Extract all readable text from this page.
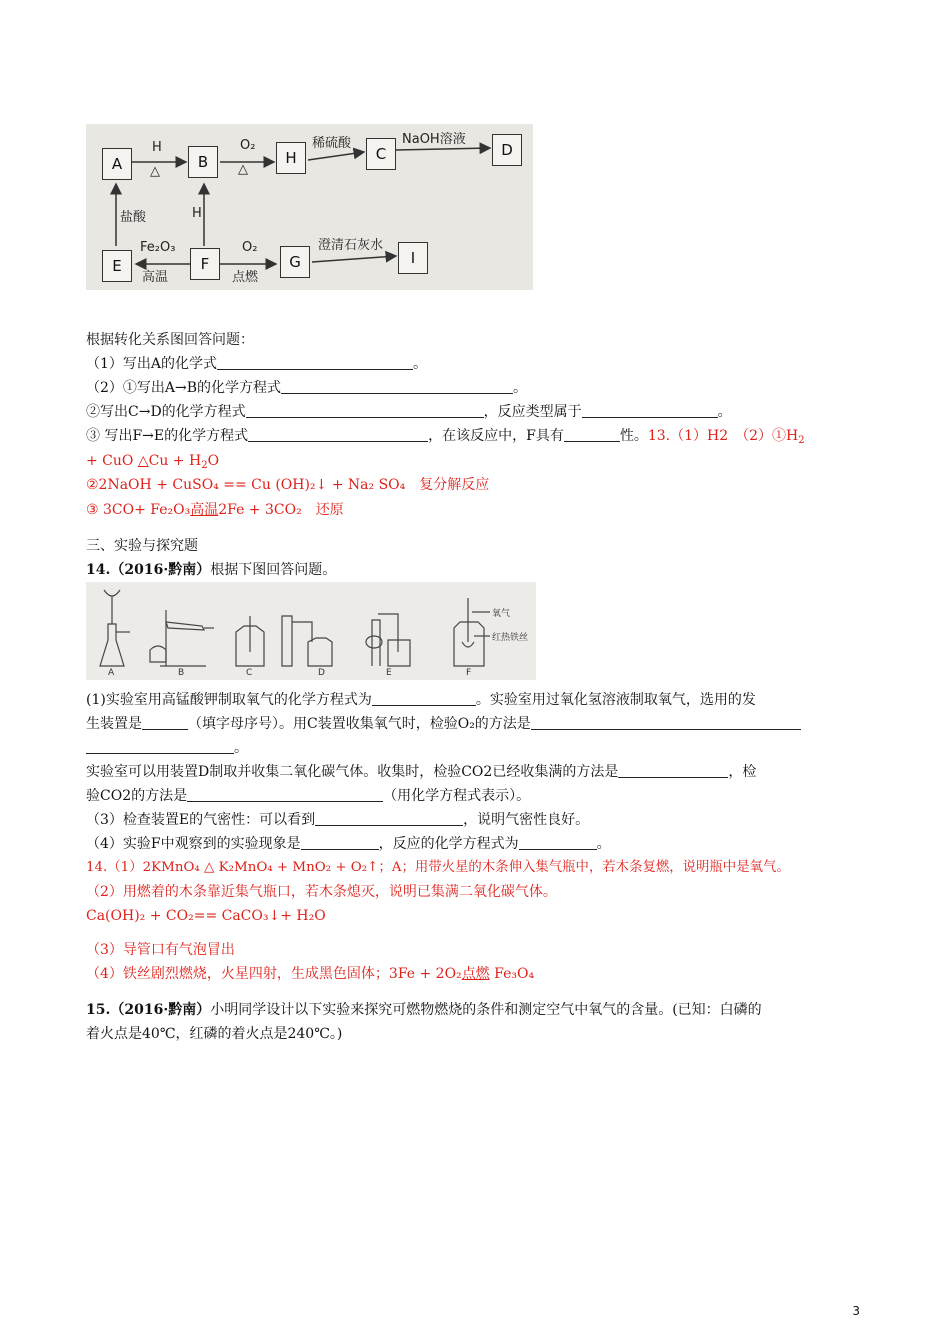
A	B	H	C	D
E	F	G	I
H
△
O₂
△
稀硫酸	NaOH溶液
盐酸	H
Fe₂O₃
高温
O₂
点燃
澄清石灰水
根据转化关系图回答问题：
（1）写出A的化学式	。
（2）①写出A→B的化学方程式	。
②写出C→D的化学方程式	，反应类型属于	。
③ 写出F→E的化学方程式	，在该反应中，F具有	性。13.（1）H2　$(2)①H_2$
+ CuO △Cu + $H_2O$
②2NaOH + CuSO₄ == Cu (OH)₂↓ + Na₂ SO₄　复分解反应
③ 3CO+ Fe₂O₃高温2Fe + 3CO₂　还原
三、实验与探究题
14.（2016·黔南）根据下图回答问题。
A	B	C	D	E	F
氧气
红热铁丝
(1)实验室用高锰酸钾制取氧气的化学方程式为	。实验室用过氧化氢溶液制取氧气，选用的发
生装置是	（填字母序号）。用C装置收集氧气时，检验O₂的方法是
。
实验室可以用装置D制取并收集二氧化碳气体。收集时，检验CO2已经收集满的方法是	，检
验CO2的方法是	（用化学方程式表示）。
（3）检查装置E的气密性：可以看到	，说明气密性良好。
（4）实验F中观察到的实验现象是	，反应的化学方程式为	。
14.（1）2KMnO₄ △ K₂MnO₄ + MnO₂ + O₂↑；A；用带火星的木条伸入集气瓶中，若木条复燃，说明瓶中是氧气。
（2）用燃着的木条靠近集气瓶口，若木条熄灭，说明已集满二氧化碳气体。
Ca(OH)₂ + CO₂== CaCO₃↓+ H₂O
（3）导管口有气泡冒出
（4）铁丝剧烈燃烧，火星四射，生成黑色固体；3Fe + 2O₂点燃 Fe₃O₄
15.（2016·黔南）小明同学设计以下实验来探究可燃物燃烧的条件和测定空气中氧气的含量。(已知：白磷的
着火点是40℃，红磷的着火点是240℃。)
3
